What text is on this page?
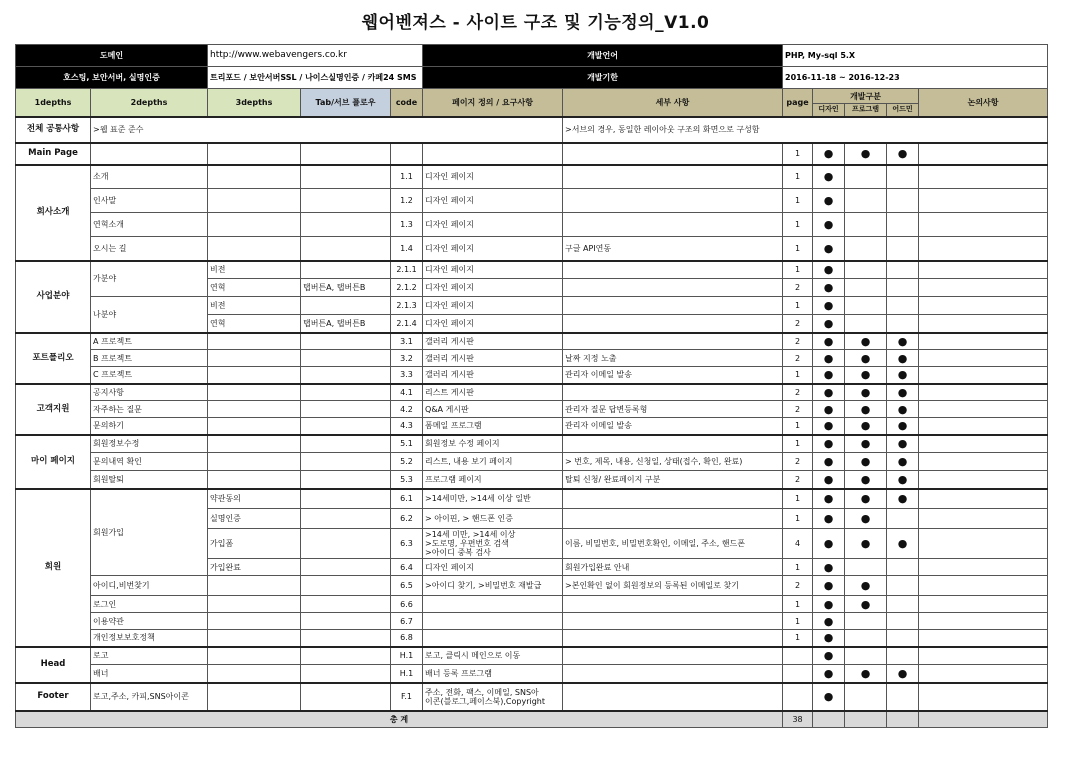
웹어벤져스 - 사이트 구조 및 기능정의_V1.0
도메인		http://www.webavengers.co.kr			개발언어		PHP, My-sql 5.X				
호스팅, 보안서버, 실명인증		트리포드 / 보안서버SSL / 나이스실명인증 / 카페24 SMS			개발기한		2016-11-18 ~ 2016-12-23				
1depths	2depths	3depths	Tab/서브 플로우	code	페이지 정의 / 요구사항	세부 사항	page	개발구분			논의사항
								디자인	프로그램	어드민	
전체 공통사항	>웹 표준 준수					>서브의 경우, 동일한 레이아웃 구조의 화면으로 구성함					
Main Page							1	●	●	●	
회사소개	소개			1.1	디자인 페이지		1	●			
	인사말			1.2	디자인 페이지		1	●			
	연혁소개			1.3	디자인 페이지		1	●			
	오시는 길			1.4	디자인 페이지	구글 API연동	1	●			
사업분야	가분야	비전		2.1.1	디자인 페이지		1	●			
		연혁	탭버튼A, 탭버튼B	2.1.2	디자인 페이지		2	●			
	나분야	비전		2.1.3	디자인 페이지		1	●			
		연혁	탭버튼A, 탭버튼B	2.1.4	디자인 페이지		2	●			
포트폴리오	A 프로젝트			3.1	갤러리 게시판		2	●	●	●	
	B 프로젝트			3.2	갤러리 게시판	날짜 지정 노출	2	●	●	●	
	C 프로젝트			3.3	갤러리 게시판	관리자 이메일 발송	1	●	●	●	
고객지원	공지사항			4.1	리스트 게시판		2	●	●	●	
	자주하는 질문			4.2	Q&A 게시판	관리자 질문 답변등록형	2	●	●	●	
	문의하기			4.3	폼메일 프로그램	관리자 이메일 발송	1	●	●	●	
마이 페이지	회원정보수정			5.1	회원정보 수정 페이지		1	●	●	●	
	문의내역 확인			5.2	리스트, 내용 보기 페이지	> 번호, 제목, 내용, 신청일, 상태(접수, 확인, 완료)	2	●	●	●	
	회원탈퇴			5.3	프로그램 페이지	탈퇴 신청/ 완료페이지 구분	2	●	●	●	
회원	회원가입	약관동의		6.1	>14세미만, >14세 이상 일반		1	●	●	●	
		실명인증		6.2	> 아이핀, > 핸드폰 인증		1	●	●		
		가입폼		6.3	>14세 미만, >14세 이상
>도로명, 우편번호 검색
>아이디 중복 검사	이름, 비밀번호, 비밀번호확인, 이메일, 주소, 핸드폰	4	●	●	●	
		가입완료		6.4	디자인 페이지	회원가입완료 안내	1	●			
	아이디,비번찾기			6.5	>아이디 찾기, >비밀번호 재발급	>본인확인 없이 회원정보의 등록된 이메일로 찾기	2	●	●		
	로그인			6.6			1	●	●		
	이용약관			6.7			1	●			
	개인정보보호정책			6.8			1	●			
Head	로고			H.1	로고, 클릭시 메인으로 이동			●			
	배너			H.1	배너 등록 프로그램			●	●	●	
Footer	로고,주소, 카피,SNS아이콘			F.1	주소, 전화, 팩스, 이메일, SNS아
이콘(블로그,페이스북),Copyright			●			
총 계							38				
